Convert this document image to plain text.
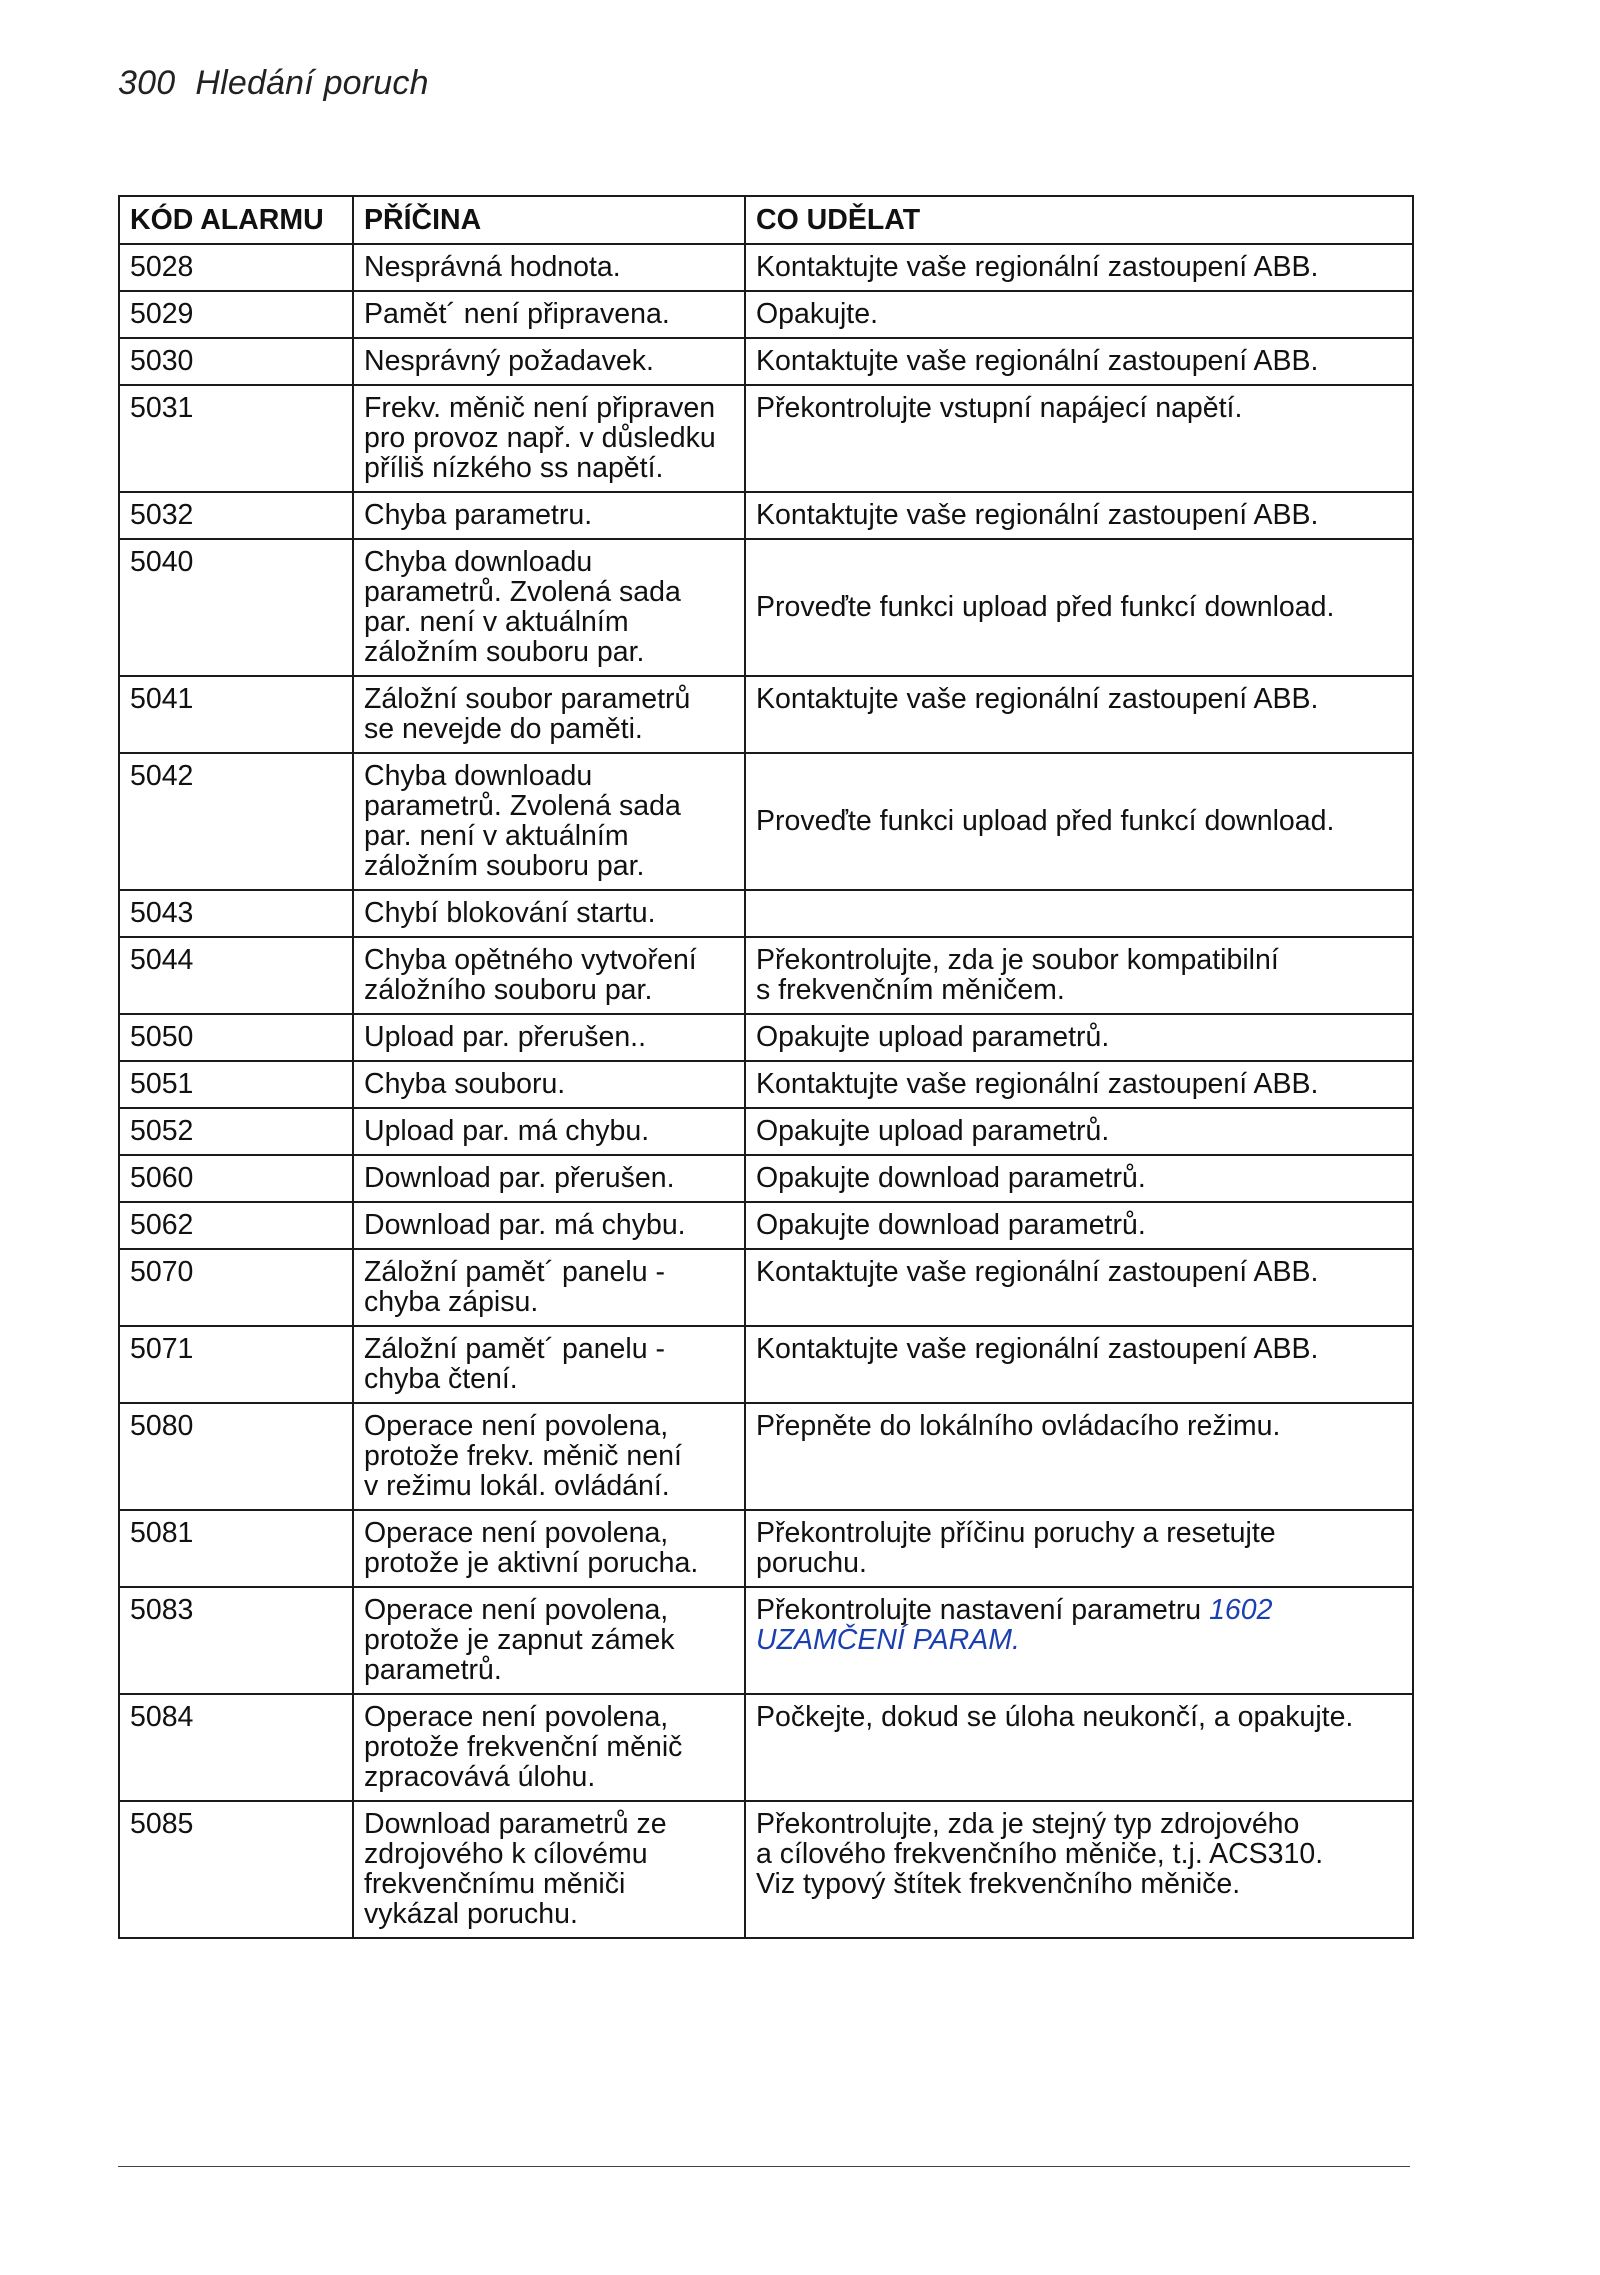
300 Hledání poruch
KÓD ALARMU	PŘÍČINA	CO UDĚLAT
5028	Nesprávná hodnota.	Kontaktujte vaše regionální zastoupení ABB.
5029	Pamět´ není připravena.	Opakujte.
5030	Nesprávný požadavek.	Kontaktujte vaše regionální zastoupení ABB.
5031	Frekv. měnič není připraven
pro provoz např. v důsledku
příliš nízkého ss napětí.	Překontrolujte vstupní napájecí napětí.
5032	Chyba parametru.	Kontaktujte vaše regionální zastoupení ABB.
5040	Chyba downloadu
parametrů. Zvolená sada
par. není v aktuálním
záložním souboru par.	Proveďte funkci upload před funkcí download.
5041	Záložní soubor parametrů
se nevejde do paměti.	Kontaktujte vaše regionální zastoupení ABB.
5042	Chyba downloadu
parametrů. Zvolená sada
par. není v aktuálním
záložním souboru par.	Proveďte funkci upload před funkcí download.
5043	Chybí blokování startu.	
5044	Chyba opětného vytvoření
záložního souboru par.	Překontrolujte, zda je soubor kompatibilní
s frekvenčním měničem.
5050	Upload par. přerušen..	Opakujte upload parametrů.
5051	Chyba souboru.	Kontaktujte vaše regionální zastoupení ABB.
5052	Upload par. má chybu.	Opakujte upload parametrů.
5060	Download par. přerušen.	Opakujte download parametrů.
5062	Download par. má chybu.	Opakujte download parametrů.
5070	Záložní pamět´ panelu -
chyba zápisu.	Kontaktujte vaše regionální zastoupení ABB.
5071	Záložní pamět´ panelu -
chyba čtení.	Kontaktujte vaše regionální zastoupení ABB.
5080	Operace není povolena,
protože frekv. měnič není
v režimu lokál. ovládání.	Přepněte do lokálního ovládacího režimu.
5081	Operace není povolena,
protože je aktivní porucha.	Překontrolujte příčinu poruchy a resetujte
poruchu.
5083	Operace není povolena,
protože je zapnut zámek
parametrů.	Překontrolujte nastavení parametru 1602
UZAMČENÍ PARAM.
5084	Operace není povolena,
protože frekvenční měnič
zpracovává úlohu.	Počkejte, dokud se úloha neukončí, a opakujte.
5085	Download parametrů ze
zdrojového k cílovému
frekvenčnímu měniči
vykázal poruchu.	Překontrolujte, zda je stejný typ zdrojového
a cílového frekvenčního měniče, t.j. ACS310.
Viz typový štítek frekvenčního měniče.
